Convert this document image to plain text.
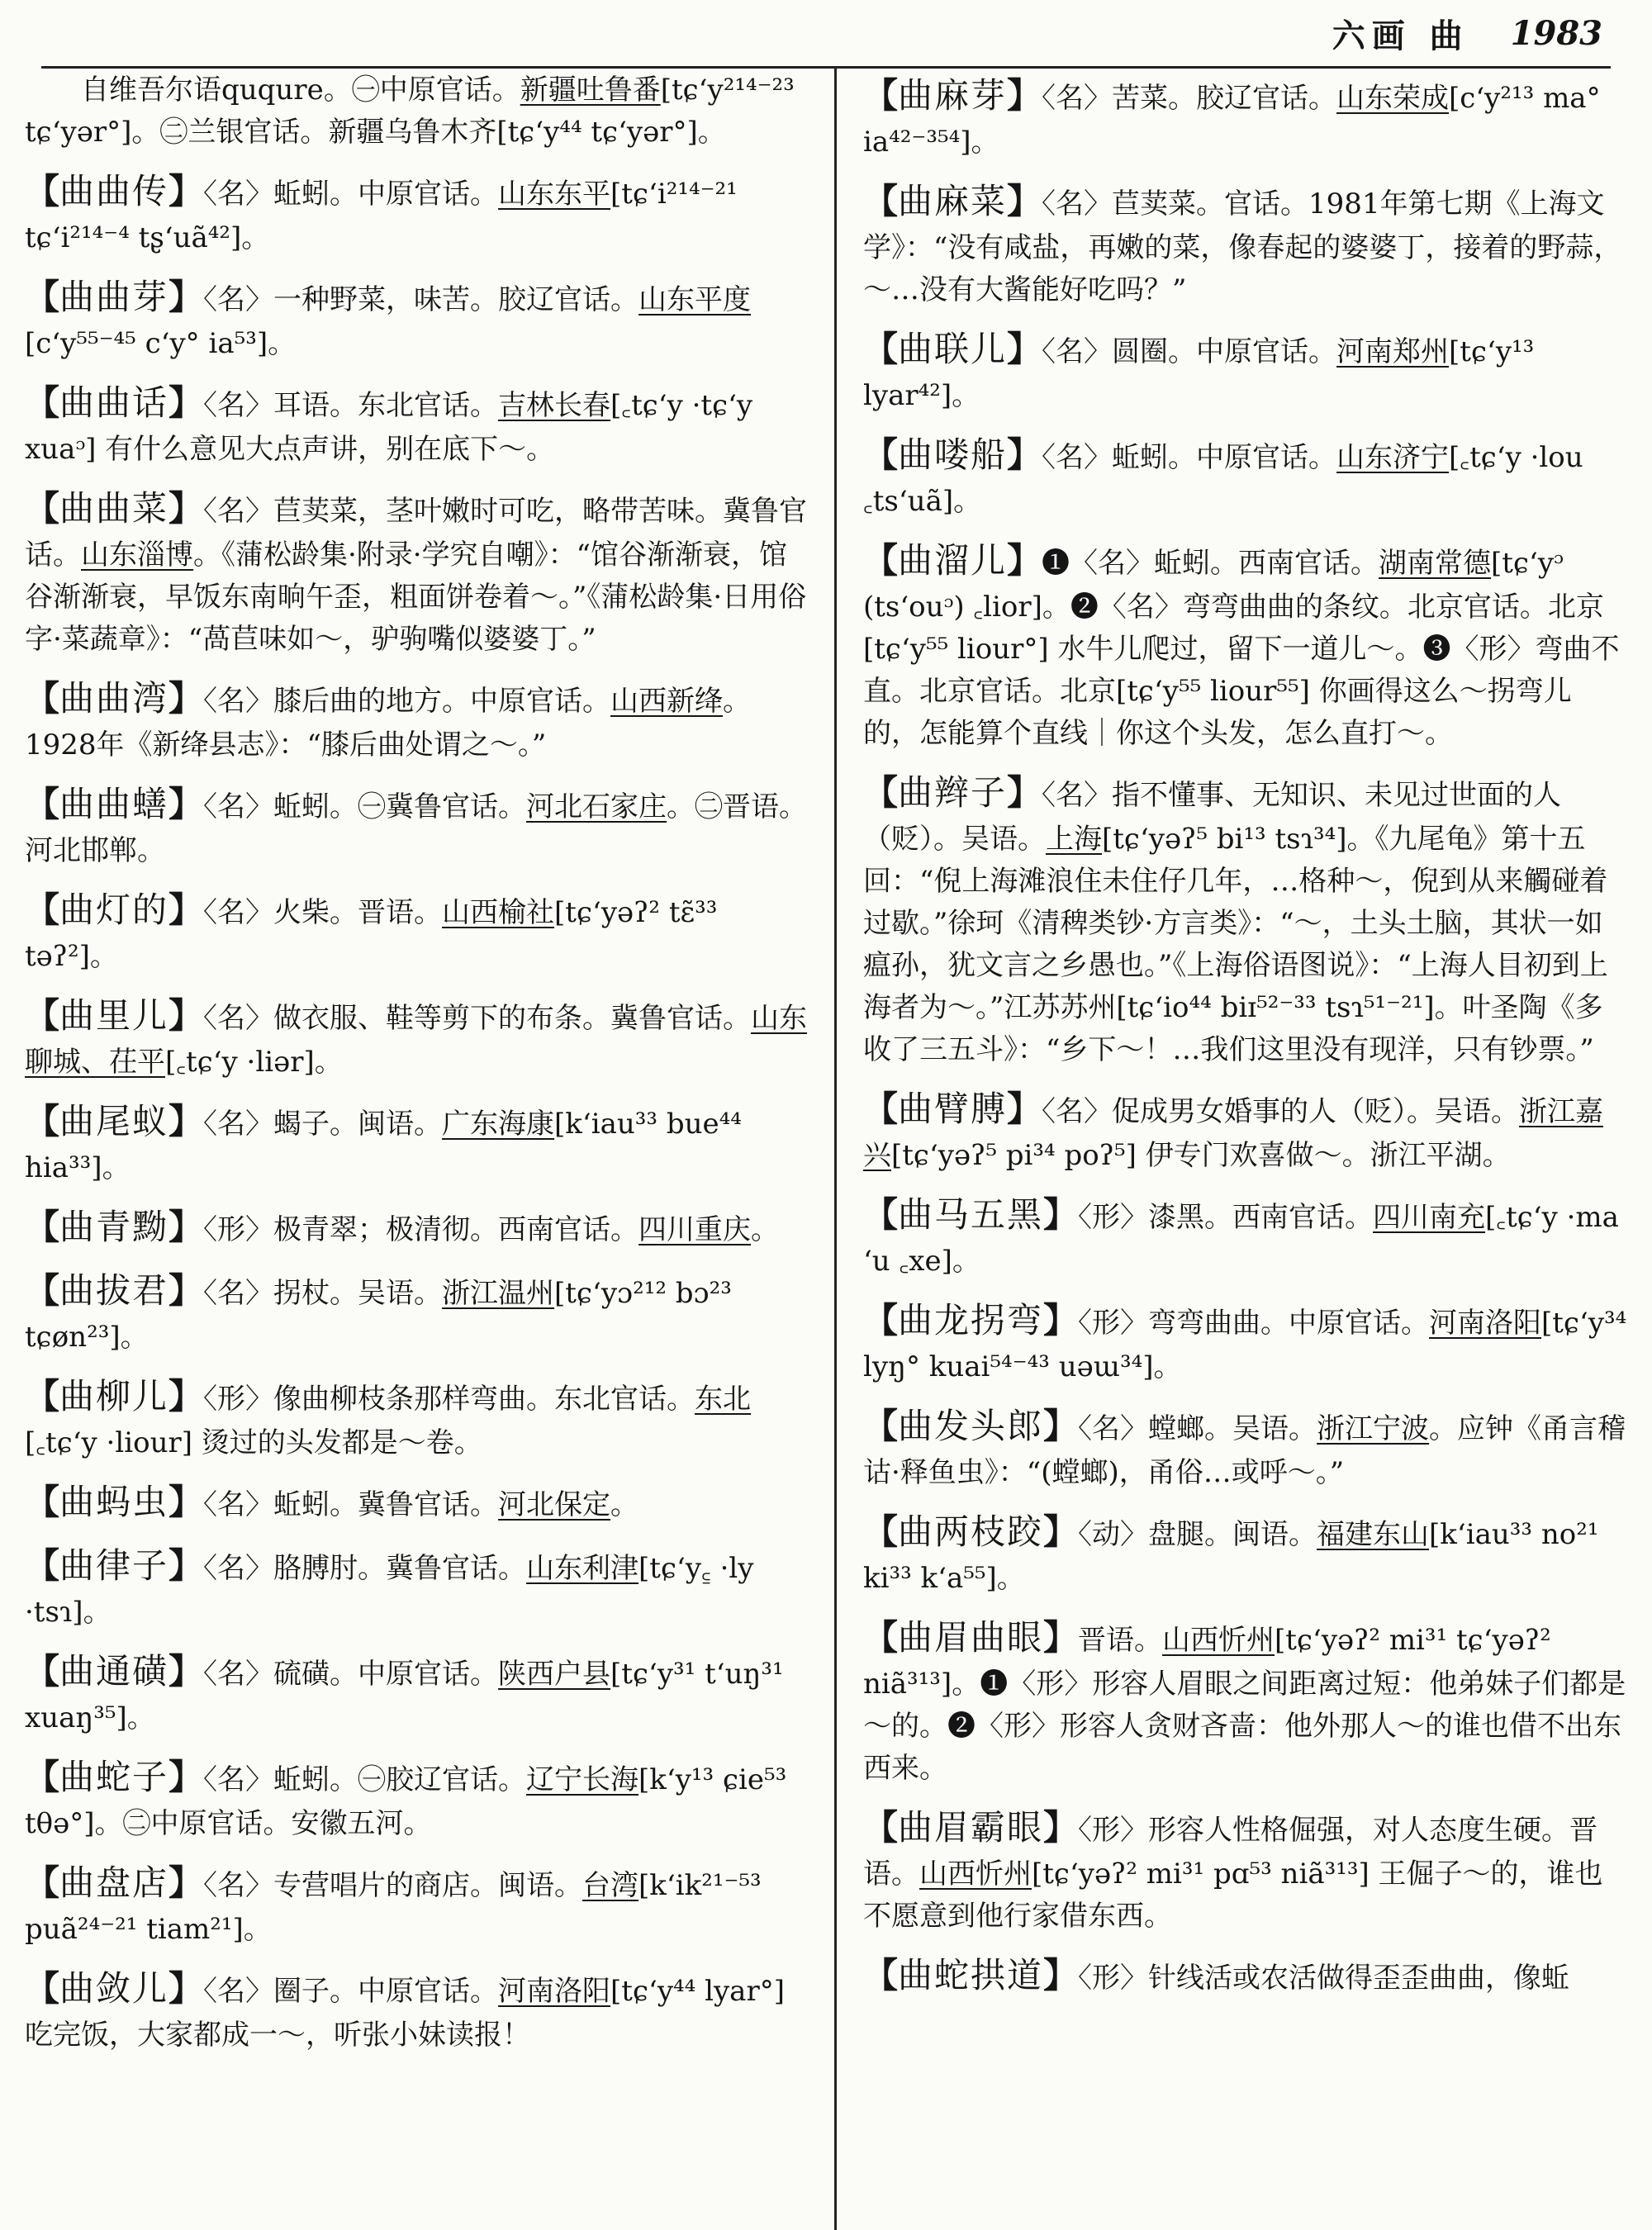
六画 曲 1983

自维吾尔语ququre。㊀中原官话。新疆吐鲁番[tɕʻy²¹⁴⁻²³ tɕʻyər°]。㊁兰银官话。新疆乌鲁木齐[tɕʻy⁴⁴ tɕʻyər°]。

【曲曲传】〈名〉蚯蚓。中原官话。山东东平[tɕʻi²¹⁴⁻²¹ tɕʻi²¹⁴⁻⁴ tʂʻuã⁴²]。

【曲曲芽】〈名〉一种野菜，味苦。胶辽官话。山东平度[cʻy⁵⁵⁻⁴⁵ cʻy° ia⁵³]。

【曲曲话】〈名〉耳语。东北官话。吉林长春[꜀tɕʻy ·tɕʻy xuaᵓ] 有什么意见大点声讲，别在底下～。

【曲曲菜】〈名〉苣荬菜，茎叶嫩时可吃，略带苦味。冀鲁官话。山东淄博。《蒲松龄集·附录·学究自嘲》：“馆谷渐渐衰，馆谷渐渐衰，早饭东南晌午歪，粗面饼卷着～。”《蒲松龄集·日用俗字·菜蔬章》：“萵苣味如～，驴驹嘴似婆婆丁。”

【曲曲湾】〈名〉膝后曲的地方。中原官话。山西新绛。1928年《新绛县志》：“膝后曲处谓之～。”

【曲曲蟮】〈名〉蚯蚓。㊀冀鲁官话。河北石家庄。㊁晋语。河北邯郸。

【曲灯的】〈名〉火柴。晋语。山西榆社[tɕʻyəʔ² tɛ̃³³ təʔ²]。

【曲里儿】〈名〉做衣服、鞋等剪下的布条。冀鲁官话。山东聊城、茌平[꜀tɕʻy ·liər]。

【曲尾蚁】〈名〉蝎子。闽语。广东海康[kʻiau³³ bue⁴⁴ hia³³]。

【曲青黝】〈形〉极青翠；极清彻。西南官话。四川重庆。

【曲拔君】〈名〉拐杖。吴语。浙江温州[tɕʻyɔ²¹² bɔ²³ tɕøn²³]。

【曲柳儿】〈形〉像曲柳枝条那样弯曲。东北官话。东北[꜀tɕʻy ·liour] 烫过的头发都是～卷。

【曲蚂虫】〈名〉蚯蚓。冀鲁官话。河北保定。

【曲律子】〈名〉胳膊肘。冀鲁官话。山东利津[tɕʻy꜁ ·ly ·tsɿ]。

【曲通磺】〈名〉硫磺。中原官话。陕西户县[tɕʻy³¹ tʻuŋ³¹ xuaŋ³⁵]。

【曲蛇子】〈名〉蚯蚓。㊀胶辽官话。辽宁长海[kʻy¹³ ɕie⁵³ tθə°]。㊁中原官话。安徽五河。

【曲盘店】〈名〉专营唱片的商店。闽语。台湾[kʻik²¹⁻⁵³ puã²⁴⁻²¹ tiam²¹]。

【曲敛儿】〈名〉圈子。中原官话。河南洛阳[tɕʻy⁴⁴ lyar°] 吃完饭，大家都成一～，听张小妹读报！

【曲麻芽】〈名〉苦菜。胶辽官话。山东荣成[cʻy²¹³ ma° ia⁴²⁻³⁵⁴]。

【曲麻菜】〈名〉苣荬菜。官话。1981年第七期《上海文学》：“没有咸盐，再嫩的菜，像春起的婆婆丁，接着的野蒜，～…没有大酱能好吃吗？”

【曲联儿】〈名〉圆圈。中原官话。河南郑州[tɕʻy¹³ lyar⁴²]。

【曲喽船】〈名〉蚯蚓。中原官话。山东济宁[꜀tɕʻy ·lou ꜀tsʻuã]。

【曲溜儿】❶〈名〉蚯蚓。西南官话。湖南常德[tɕʻyᵓ (tsʻouᵓ) ꜀lior]。❷〈名〉弯弯曲曲的条纹。北京官话。北京[tɕʻy⁵⁵ liour°] 水牛儿爬过，留下一道儿～。❸〈形〉弯曲不直。北京官话。北京[tɕʻy⁵⁵ liour⁵⁵] 你画得这么～拐弯儿的，怎能算个直线｜你这个头发，怎么直打～。

【曲辫子】〈名〉指不懂事、无知识、未见过世面的人（贬）。吴语。上海[tɕʻyəʔ⁵ bi¹³ tsɿ³⁴]。《九尾龟》第十五回：“倪上海滩浪住未住仔几年，…格种～，倪到从来觸碰着过歇。”徐珂《清稗类钞·方言类》：“～，土头土脑，其状一如瘟孙，犹文言之乡愚也。”《上海俗语图说》：“上海人目初到上海者为～。”江苏苏州[tɕʻio⁴⁴ biɪ⁵²⁻³³ tsɿ⁵¹⁻²¹]。叶圣陶《多收了三五斗》：“乡下～！…我们这里没有现洋，只有钞票。”

【曲臂膊】〈名〉促成男女婚事的人（贬）。吴语。浙江嘉兴[tɕʻyəʔ⁵ pi³⁴ poʔ⁵] 伊专门欢喜做～。浙江平湖。

【曲马五黑】〈形〉漆黑。西南官话。四川南充[꜀tɕʻy ·ma ʻu ꜀xe]。

【曲龙拐弯】〈形〉弯弯曲曲。中原官话。河南洛阳[tɕʻy³⁴ lyŋ° kuai⁵⁴⁻⁴³ uəɯ³⁴]。

【曲发头郎】〈名〉螳螂。吴语。浙江宁波。应钟《甬言稽诂·释鱼虫》：“(螳螂)，甬俗…或呼～。”

【曲两枝跤】〈动〉盘腿。闽语。福建东山[kʻiau³³ no²¹ ki³³ kʻa⁵⁵]。

【曲眉曲眼】晋语。山西忻州[tɕʻyəʔ² mi³¹ tɕʻyəʔ² niã³¹³]。❶〈形〉形容人眉眼之间距离过短：他弟妹子们都是～的。❷〈形〉形容人贪财吝啬：他外那人～的谁也借不出东西来。

【曲眉霸眼】〈形〉形容人性格倔强，对人态度生硬。晋语。山西忻州[tɕʻyəʔ² mi³¹ pɑ⁵³ niã³¹³] 王倔子～的，谁也不愿意到他行家借东西。

【曲蛇拱道】〈形〉针线活或农活做得歪歪曲曲，像蚯
